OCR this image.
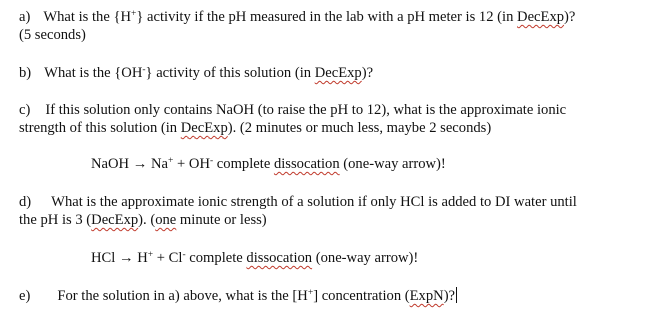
a) What is the {H+} activity if the pH measured in the lab with a pH meter is 12 (in DecExp)?
(5 seconds)
b) What is the {OH-} activity of this solution (in DecExp)?
c) If this solution only contains NaOH (to raise the pH to 12), what is the approximate ionic
strength of this solution (in DecExp). (2 minutes or much less, maybe 2 seconds)
NaOH → Na+ + OH- complete dissocation (one-way arrow)!
d) What is the approximate ionic strength of a solution if only HCl is added to DI water until
the pH is 3 (DecExp). (one minute or less)
HCl → H+ + Cl- complete dissocation (one-way arrow)!
e) For the solution in a) above, what is the [H+] concentration (ExpN)?
